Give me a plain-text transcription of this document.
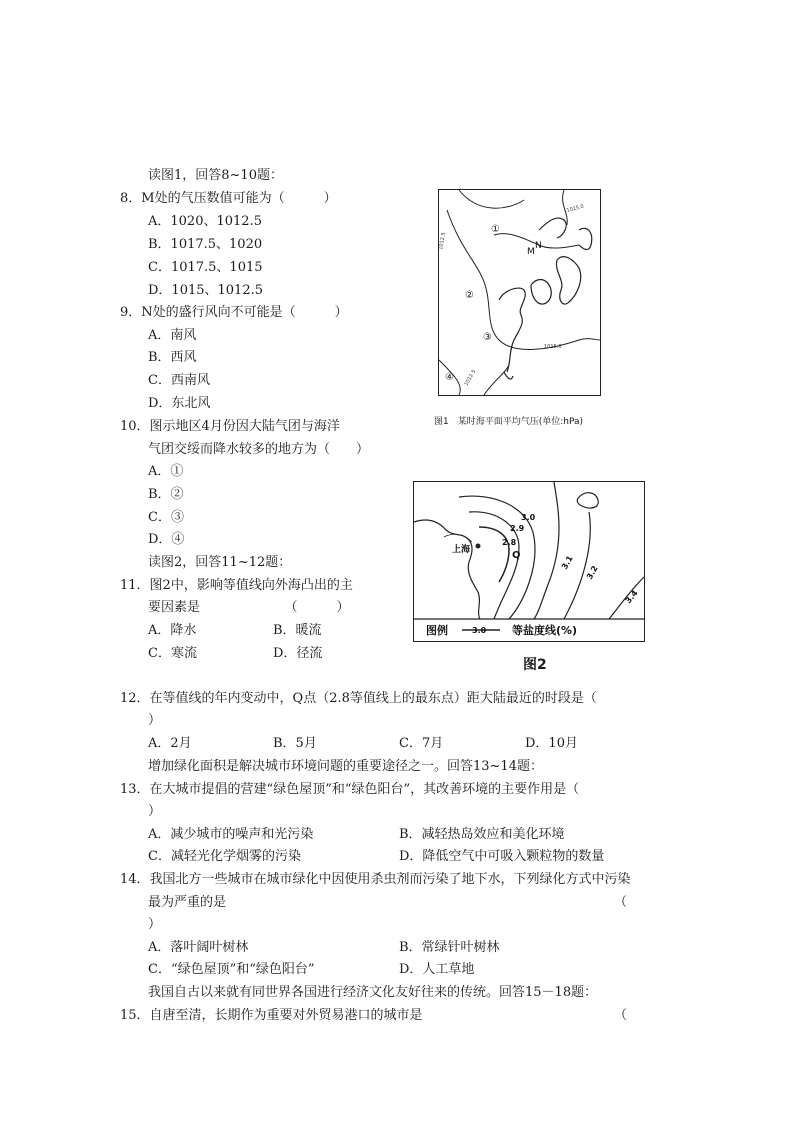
读图1，回答8~10题：
8．M处的气压数值可能为（　　　）
A．1020、1012.5
B．1017.5、1020
C．1017.5、1015
D．1015、1012.5
9．N处的盛行风向不可能是（　　　）
A．南风
B．西风
C．西南风
D．东北风
10．图示地区4月份因大陆气团与海洋
气团交绥而降水较多的地方为（　　）
A．①
B．②
C．③
D．④
读图2，回答11~12题：
11．图2中，影响等值线向外海凸出的主
要因素是　　　　　　　（　　　）
A．降水	B．暖流
C．寒流	D．径流
12．在等值线的年内变动中，Q点（2.8等值线上的最东点）距大陆最近的时段是（
）
A．2月	B．5月	C．7月	D．10月
增加绿化面积是解决城市环境问题的重要途径之一。回答13~14题：
13．在大城市提倡的营建“绿色屋顶”和“绿色阳台”，其改善环境的主要作用是（
）
A．减少城市的噪声和光污染	B．减轻热岛效应和美化环境
C．减轻光化学烟雾的污染	D．降低空气中可吸入颗粒物的数量
14．我国北方一些城市在城市绿化中因使用杀虫剂而污染了地下水，下列绿化方式中污染
最为严重的是	（
）
A．落叶阔叶树林	B．常绿针叶树林
C．“绿色屋顶”和“绿色阳台”	D．人工草地
我国自古以来就有同世界各国进行经济文化友好往来的传统。回答15－18题：
15．自唐至清，长期作为重要对外贸易港口的城市是	（
①
②
③
④
M
N
1015.0
1012.5
1015.0
1012.5
图1　某时海平面平均气压(单位:hPa)
上海	Q
3.0
2.9
2.8
3.1
3.2
3.4
图例	3.0 等盐度线(%)
图2
